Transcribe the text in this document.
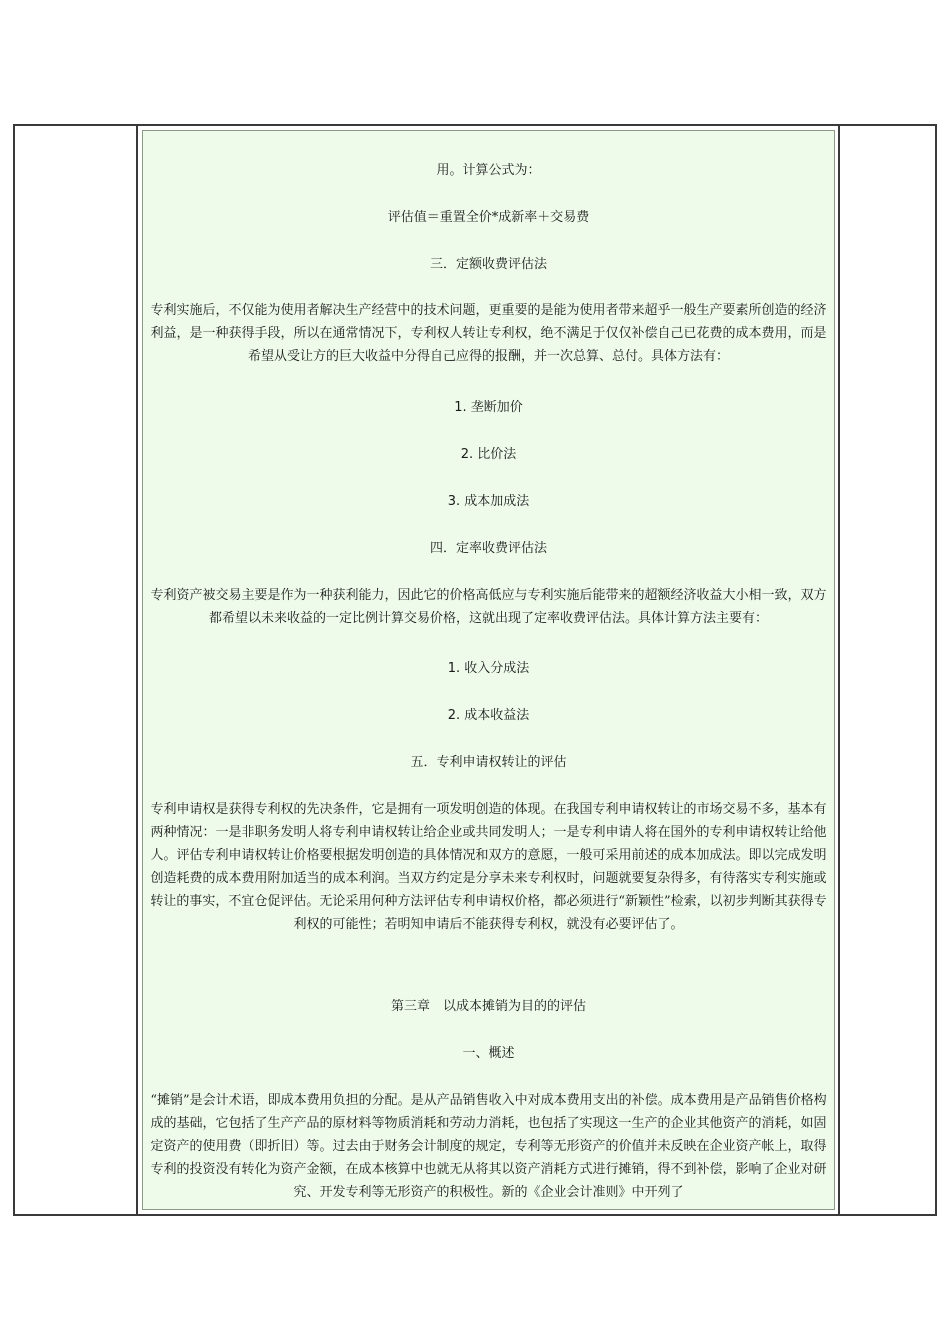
用。计算公式为：

评估值＝重置全价*成新率＋交易费

三．定额收费评估法

专利实施后，不仅能为使用者解决生产经营中的技术问题，更重要的是能为使用者带来超乎一般生产要素所创造的经济利益，是一种获得手段，所以在通常情况下，专利权人转让专利权，绝不满足于仅仅补偿自己已花费的成本费用，而是希望从受让方的巨大收益中分得自己应得的报酬，并一次总算、总付。具体方法有：

1. 垄断加价

2. 比价法

3. 成本加成法

四．定率收费评估法

专利资产被交易主要是作为一种获利能力，因此它的价格高低应与专利实施后能带来的超额经济收益大小相一致，双方都希望以未来收益的一定比例计算交易价格，这就出现了定率收费评估法。具体计算方法主要有：

1. 收入分成法

2. 成本收益法

五．专利申请权转让的评估

专利申请权是获得专利权的先决条件，它是拥有一项发明创造的体现。在我国专利申请权转让的市场交易不多，基本有两种情况：一是非职务发明人将专利申请权转让给企业或共同发明人；一是专利申请人将在国外的专利申请权转让给他人。评估专利申请权转让价格要根据发明创造的具体情况和双方的意愿，一般可采用前述的成本加成法。即以完成发明创造耗费的成本费用附加适当的成本利润。当双方约定是分享未来专利权时，问题就要复杂得多，有待落实专利实施或转让的事实，不宜仓促评估。无论采用何种方法评估专利申请权价格，都必须进行“新颖性”检索，以初步判断其获得专利权的可能性；若明知申请后不能获得专利权，就没有必要评估了。

第三章　以成本摊销为目的的评估

一、概述

“摊销”是会计术语，即成本费用负担的分配。是从产品销售收入中对成本费用支出的补偿。成本费用是产品销售价格构成的基础，它包括了生产产品的原材料等物质消耗和劳动力消耗，也包括了实现这一生产的企业其他资产的消耗，如固定资产的使用费（即折旧）等。过去由于财务会计制度的规定，专利等无形资产的价值并未反映在企业资产帐上，取得专利的投资没有转化为资产金额，在成本核算中也就无从将其以资产消耗方式进行摊销，得不到补偿，影响了企业对研究、开发专利等无形资产的积极性。新的《企业会计准则》中开列了
